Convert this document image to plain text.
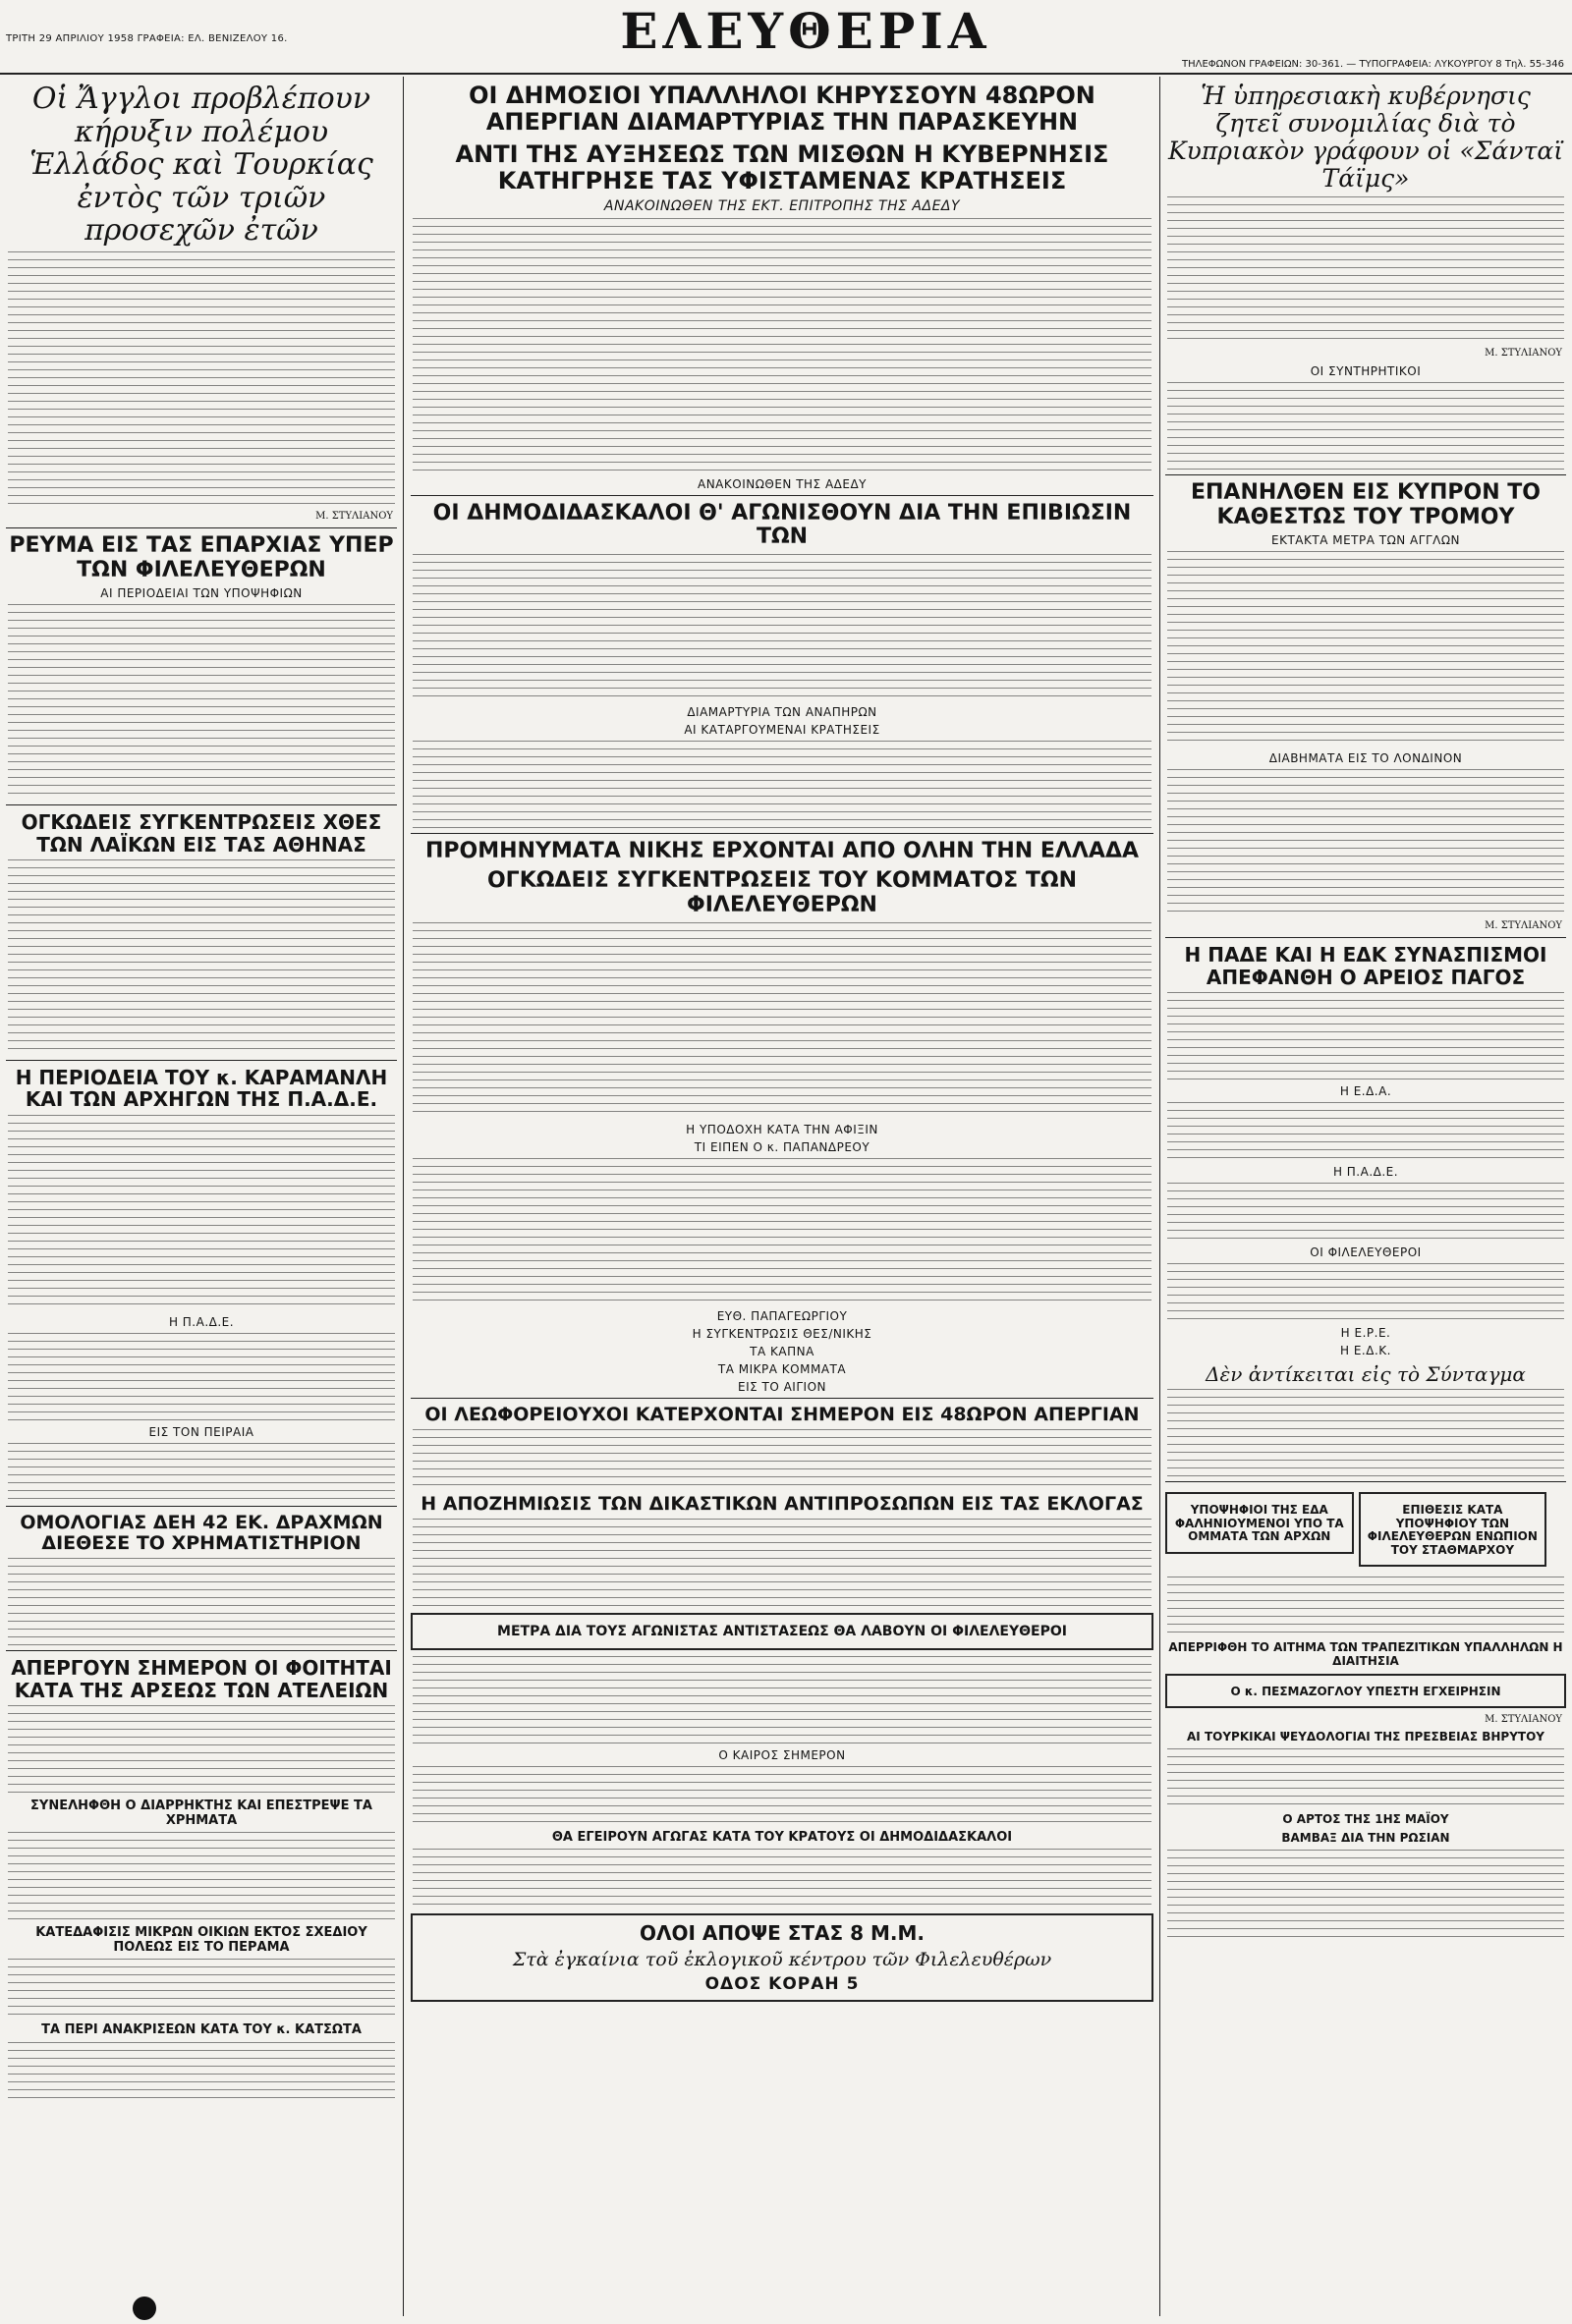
ΤΡΙΤΗ 29 ΑΠΡΙΛΙΟΥ 1958 ΓΡΑΦΕΙΑ: ΕΛ. ΒΕΝΙΖΕΛΟΥ 16.	ΕΛΕΥΘΕΡΙΑ
ΤΗΛΕΦΩΝΟΝ ΓΡΑΦΕΙΩΝ: 30-361. — ΤΥΠΟΓΡΑΦΕΙΑ: ΛΥΚΟΥΡΓΟΥ 8 Τηλ. 55-346
Οἱ Ἄγγλοι προβλέπουν κήρυξιν πολέμου Ἑλλάδος καὶ Τουρκίας ἐντὸς τῶν τριῶν προσεχῶν ἐτῶν
Μ. ΣΤΥΛΙΑΝΟΥ
ΡΕΥΜΑ ΕΙΣ ΤΑΣ ΕΠΑΡΧΙΑΣ ΥΠΕΡ ΤΩΝ ΦΙΛΕΛΕΥΘΕΡΩΝ
ΑΙ ΠΕΡΙΟΔΕΙΑΙ ΤΩΝ ΥΠΟΨΗΦΙΩΝ
ΟΓΚΩΔΕΙΣ ΣΥΓΚΕΝΤΡΩΣΕΙΣ ΧΘΕΣ ΤΩΝ ΛΑΪΚΩΝ ΕΙΣ ΤΑΣ ΑΘΗΝΑΣ
Η ΠΕΡΙΟΔΕΙΑ ΤΟΥ κ. ΚΑΡΑΜΑΝΛΗ ΚΑΙ ΤΩΝ ΑΡΧΗΓΩΝ ΤΗΣ Π.Α.Δ.Ε.
Η Π.Α.Δ.Ε.
ΕΙΣ ΤΟΝ ΠΕΙΡΑΙΑ
ΟΜΟΛΟΓΙΑΣ ΔΕΗ 42 ΕΚ. ΔΡΑΧΜΩΝ ΔΙΕΘΕΣΕ ΤΟ ΧΡΗΜΑΤΙΣΤΗΡΙΟΝ
ΑΠΕΡΓΟΥΝ ΣΗΜΕΡΟΝ ΟΙ ΦΟΙΤΗΤΑΙ ΚΑΤΑ ΤΗΣ ΑΡΣΕΩΣ ΤΩΝ ΑΤΕΛΕΙΩΝ
ΣΥΝΕΛΗΦΘΗ Ο ΔΙΑΡΡΗΚΤΗΣ ΚΑΙ ΕΠΕΣΤΡΕΨΕ ΤΑ ΧΡΗΜΑΤΑ
ΚΑΤΕΔΑΦΙΣΙΣ ΜΙΚΡΩΝ ΟΙΚΙΩΝ ΕΚΤΟΣ ΣΧΕΔΙΟΥ ΠΟΛΕΩΣ ΕΙΣ ΤΟ ΠΕΡΑΜΑ
ΤΑ ΠΕΡΙ ΑΝΑΚΡΙΣΕΩΝ ΚΑΤΑ ΤΟΥ κ. ΚΑΤΣΩΤΑ
ΟΙ ΔΗΜΟΣΙΟΙ ΥΠΑΛΛΗΛΟΙ ΚΗΡΥΣΣΟΥΝ 48ΩΡΟΝ ΑΠΕΡΓΙΑΝ ΔΙΑΜΑΡΤΥΡΙΑΣ ΤΗΝ ΠΑΡΑΣΚΕΥΗΝ
ΑΝΤΙ ΤΗΣ ΑΥΞΗΣΕΩΣ ΤΩΝ ΜΙΣΘΩΝ Η ΚΥΒΕΡΝΗΣΙΣ ΚΑΤΗΓΡΗΣΕ ΤΑΣ ΥΦΙΣΤΑΜΕΝΑΣ ΚΡΑΤΗΣΕΙΣ
ΑΝΑΚΟΙΝΩΘΕΝ ΤΗΣ ΕΚΤ. ΕΠΙΤΡΟΠΗΣ ΤΗΣ ΑΔΕΔΥ
ΑΝΑΚΟΙΝΩΘΕΝ ΤΗΣ ΑΔΕΔΥ
ΟΙ ΔΗΜΟΔΙΔΑΣΚΑΛΟΙ Θ' ΑΓΩΝΙΣΘΟΥΝ ΔΙΑ ΤΗΝ ΕΠΙΒΙΩΣΙΝ ΤΩΝ
ΔΙΑΜΑΡΤΥΡΙΑ ΤΩΝ ΑΝΑΠΗΡΩΝ
ΑΙ ΚΑΤΑΡΓΟΥΜΕΝΑΙ ΚΡΑΤΗΣΕΙΣ
ΠΡΟΜΗΝΥΜΑΤΑ ΝΙΚΗΣ ΕΡΧΟΝΤΑΙ ΑΠΟ ΟΛΗΝ ΤΗΝ ΕΛΛΑΔΑ
ΟΓΚΩΔΕΙΣ ΣΥΓΚΕΝΤΡΩΣΕΙΣ ΤΟΥ ΚΟΜΜΑΤΟΣ ΤΩΝ ΦΙΛΕΛΕΥΘΕΡΩΝ
Η ΥΠΟΔΟΧΗ ΚΑΤΑ ΤΗΝ ΑΦΙΞΙΝ
ΤΙ ΕΙΠΕΝ Ο κ. ΠΑΠΑΝΔΡΕΟΥ
ΕΥΘ. ΠΑΠΑΓΕΩΡΓΙΟΥ
Η ΣΥΓΚΕΝΤΡΩΣΙΣ ΘΕΣ/ΝΙΚΗΣ
ΤΑ ΚΑΠΝΑ
ΤΑ ΜΙΚΡΑ ΚΟΜΜΑΤΑ
ΕΙΣ ΤΟ ΑΙΓΙΟΝ
ΟΙ ΛΕΩΦΟΡΕΙΟΥΧΟΙ ΚΑΤΕΡΧΟΝΤΑΙ ΣΗΜΕΡΟΝ ΕΙΣ 48ΩΡΟΝ ΑΠΕΡΓΙΑΝ
Η ΑΠΟΖΗΜΙΩΣΙΣ ΤΩΝ ΔΙΚΑΣΤΙΚΩΝ ΑΝΤΙΠΡΟΣΩΠΩΝ ΕΙΣ ΤΑΣ ΕΚΛΟΓΑΣ
ΜΕΤΡΑ ΔΙΑ ΤΟΥΣ ΑΓΩΝΙΣΤΑΣ ΑΝΤΙΣΤΑΣΕΩΣ ΘΑ ΛΑΒΟΥΝ ΟΙ ΦΙΛΕΛΕΥΘΕΡΟΙ
Ο ΚΑΙΡΟΣ ΣΗΜΕΡΟΝ
ΘΑ ΕΓΕΙΡΟΥΝ ΑΓΩΓΑΣ ΚΑΤΑ ΤΟΥ ΚΡΑΤΟΥΣ ΟΙ ΔΗΜΟΔΙΔΑΣΚΑΛΟΙ
ΟΛΟΙ ΑΠΟΨΕ ΣΤΑΣ 8 Μ.Μ.
Στὰ ἐγκαίνια τοῦ ἐκλογικοῦ κέντρου τῶν Φιλελευθέρων
ΟΔΟΣ ΚΟΡΑΗ 5
Ἡ ὑπηρεσιακὴ κυβέρνησις ζητεῖ συνομιλίας διὰ τὸ Κυπριακὸν γράφουν οἱ «Σάνταϊ Τάϊμς»
Μ. ΣΤΥΛΙΑΝΟΥ
ΟΙ ΣΥΝΤΗΡΗΤΙΚΟΙ
ΕΠΑΝΗΛΘΕΝ ΕΙΣ ΚΥΠΡΟΝ ΤΟ ΚΑΘΕΣΤΩΣ ΤΟΥ ΤΡΟΜΟΥ
ΕΚΤΑΚΤΑ ΜΕΤΡΑ ΤΩΝ ΑΓΓΛΩΝ
ΔΙΑΒΗΜΑΤΑ ΕΙΣ ΤΟ ΛΟΝΔΙΝΟΝ
Μ. ΣΤΥΛΙΑΝΟΥ
Η ΠΑΔΕ ΚΑΙ Η ΕΔΚ ΣΥΝΑΣΠΙΣΜΟΙ ΑΠΕΦΑΝΘΗ Ο ΑΡΕΙΟΣ ΠΑΓΟΣ
Η Ε.Δ.Α.
Η Π.Α.Δ.Ε.
ΟΙ ΦΙΛΕΛΕΥΘΕΡΟΙ
Η Ε.Ρ.Ε.
Η Ε.Δ.Κ.
Δὲν ἀντίκειται εἰς τὸ Σύνταγμα
ΥΠΟΨΗΦΙΟΙ ΤΗΣ ΕΔΑ ΦΑΛΗΝΙΟΥΜΕΝΟΙ ΥΠΟ ΤΑ ΟΜΜΑΤΑ ΤΩΝ ΑΡΧΩΝ

ΕΠΙΘΕΣΙΣ ΚΑΤΑ ΥΠΟΨΗΦΙΟΥ ΤΩΝ ΦΙΛΕΛΕΥΘΕΡΩΝ ΕΝΩΠΙΟΝ ΤΟΥ ΣΤΑΘΜΑΡΧΟΥ
ΑΠΕΡΡΙΦΘΗ ΤΟ ΑΙΤΗΜΑ ΤΩΝ ΤΡΑΠΕΖΙΤΙΚΩΝ ΥΠΑΛΛΗΛΩΝ Η ΔΙΑΙΤΗΣΙΑ
Ο κ. ΠΕΣΜΑΖΟΓΛΟΥ ΥΠΕΣΤΗ ΕΓΧΕΙΡΗΣΙΝ
Μ. ΣΤΥΛΙΑΝΟΥ
ΑΙ ΤΟΥΡΚΙΚΑΙ ΨΕΥΔΟΛΟΓΙΑΙ ΤΗΣ ΠΡΕΣΒΕΙΑΣ ΒΗΡΥΤΟΥ
Ο ΑΡΤΟΣ ΤΗΣ 1ΗΣ ΜΑΪΟΥ
ΒΑΜΒΑΞ ΔΙΑ ΤΗΝ ΡΩΣΙΑΝ
